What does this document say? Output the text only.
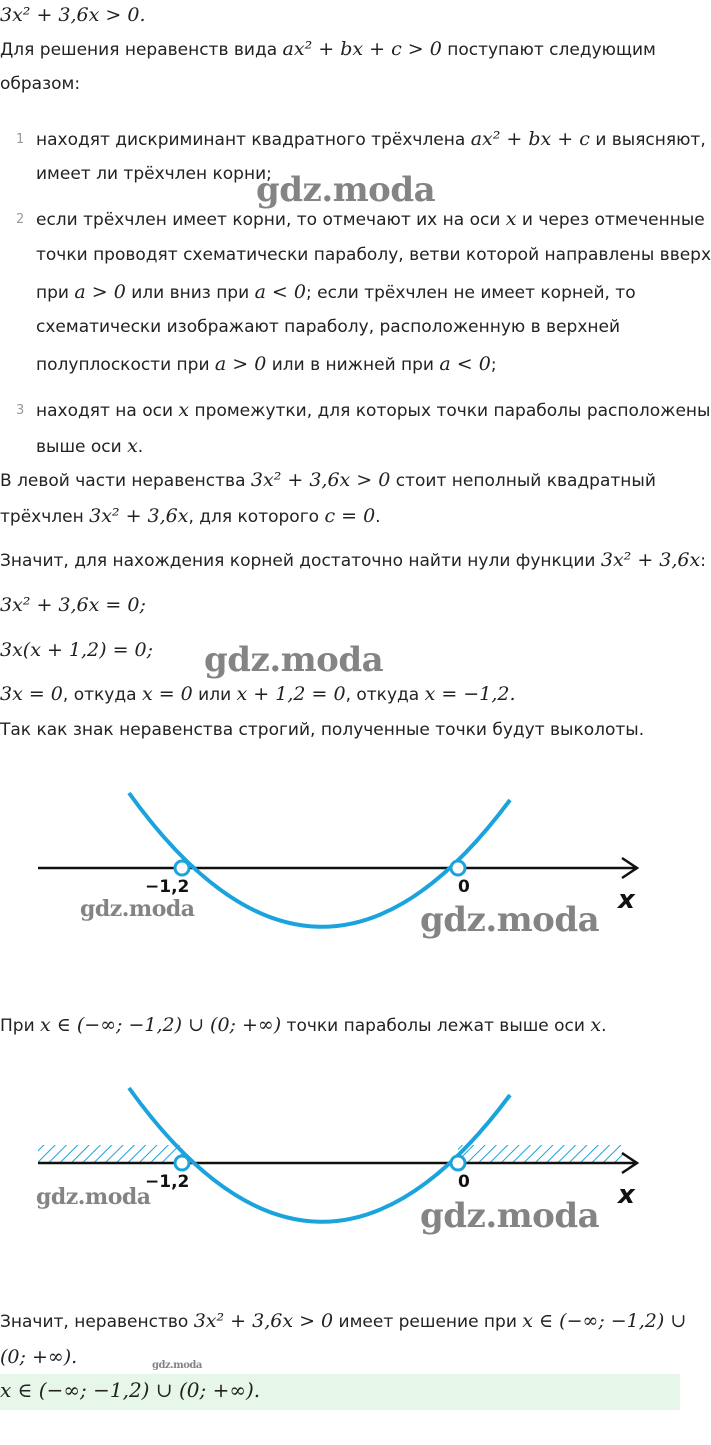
3x² + 3,6x > 0.
Для решения неравенств вида ax² + bx + c > 0 поступают следующим
образом:
1 находят дискриминант квадратного трёхчлена ax² + bx + c и выясняют,
имеет ли трёхчлен корни;
2 если трёхчлен имеет корни, то отмечают их на оси x и через отмеченные
точки проводят схематически параболу, ветви которой направлены вверх
при a > 0 или вниз при a < 0; если трёхчлен не имеет корней, то
схематически изображают параболу, расположенную в верхней
полуплоскости при a > 0 или в нижней при a < 0;
3 находят на оси x промежутки, для которых точки параболы расположены
выше оси x.
В левой части неравенства 3x² + 3,6x > 0 стоит неполный квадратный
трёхчлен 3x² + 3,6x, для которого c = 0.
Значит, для нахождения корней достаточно найти нули функции 3x² + 3,6x:
3x² + 3,6x = 0;
3x(x + 1,2) = 0;
3x = 0, откуда x = 0 или x + 1,2 = 0, откуда x = −1,2.
Так как знак неравенства строгий, полученные точки будут выколоты.
−1,2	0	x
При x ∈ (−∞; −1,2) ∪ (0; +∞) точки параболы лежат выше оси x.
−1,2	0	x
Значит, неравенство 3x² + 3,6x > 0 имеет решение при x ∈ (−∞; −1,2) ∪
(0; +∞).
x ∈ (−∞; −1,2) ∪ (0; +∞).
gdz.moda
gdz.moda
gdz.moda	gdz.moda
gdz.moda	gdz.moda
gdz.moda
